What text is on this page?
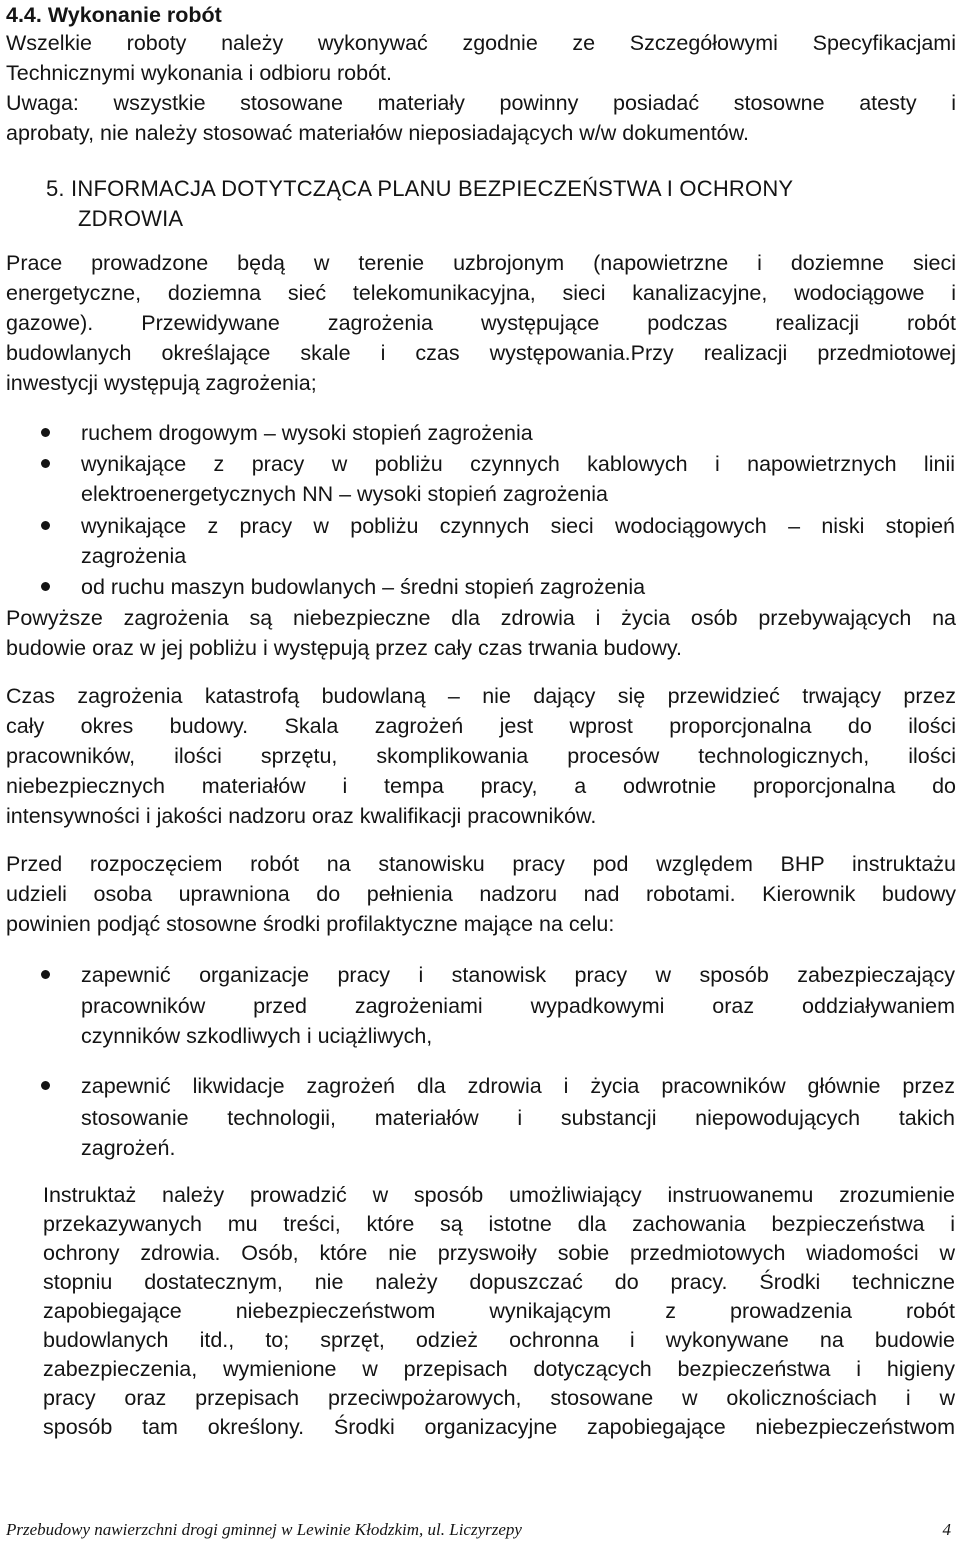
4.4. Wykonanie robót
Wszelkie roboty należy wykonywać zgodnie ze Szczegółowymi Specyfikacjami
Technicznymi wykonania i odbioru robót.
Uwaga: wszystkie stosowane materiały powinny posiadać stosowne atesty i
aprobaty, nie należy stosować materiałów nieposiadających w/w dokumentów.
5. INFORMACJA DOTYTCZĄCA PLANU BEZPIECZEŃSTWA I OCHRONY
ZDROWIA
Prace prowadzone będą w terenie uzbrojonym (napowietrzne i doziemne sieci
energetyczne, doziemna sieć telekomunikacyjna, sieci kanalizacyjne, wodociągowe i
gazowe). Przewidywane zagrożenia występujące podczas realizacji robót
budowlanych określające skale i czas występowania.Przy realizacji przedmiotowej
inwestycji występują zagrożenia;
ruchem drogowym – wysoki stopień zagrożenia
wynikające z pracy w pobliżu czynnych kablowych i napowietrznych linii
elektroenergetycznych NN – wysoki stopień zagrożenia
wynikające z pracy w pobliżu czynnych sieci wodociągowych – niski stopień
zagrożenia
od ruchu maszyn budowlanych – średni stopień zagrożenia
Powyższe zagrożenia są niebezpieczne dla zdrowia i życia osób przebywających na
budowie oraz w jej pobliżu i występują przez cały czas trwania budowy.
Czas zagrożenia katastrofą budowlaną – nie dający się przewidzieć trwający przez
cały okres budowy. Skala zagrożeń jest wprost proporcjonalna do ilości
pracowników, ilości sprzętu, skomplikowania procesów technologicznych, ilości
niebezpiecznych materiałów i tempa pracy, a odwrotnie proporcjonalna do
intensywności i jakości nadzoru oraz kwalifikacji pracowników.
Przed rozpoczęciem robót na stanowisku pracy pod względem BHP instruktażu
udzieli osoba uprawniona do pełnienia nadzoru nad robotami. Kierownik budowy
powinien podjąć stosowne środki profilaktyczne mające na celu:
zapewnić organizacje pracy i stanowisk pracy w sposób zabezpieczający
pracowników przed zagrożeniami wypadkowymi oraz oddziaływaniem
czynników szkodliwych i uciążliwych,
zapewnić likwidacje zagrożeń dla zdrowia i życia pracowników głównie przez
stosowanie technologii, materiałów i substancji niepowodujących takich
zagrożeń.
Instruktaż należy prowadzić w sposób umożliwiający instruowanemu zrozumienie
przekazywanych mu treści, które są istotne dla zachowania bezpieczeństwa i
ochrony zdrowia. Osób, które nie przyswoiły sobie przedmiotowych wiadomości w
stopniu dostatecznym, nie należy dopuszczać do pracy. Środki techniczne
zapobiegające niebezpieczeństwom wynikającym z prowadzenia robót
budowlanych itd., to; sprzęt, odzież ochronna i wykonywane na budowie
zabezpieczenia, wymienione w przepisach dotyczących bezpieczeństwa i higieny
pracy oraz przepisach przeciwpożarowych, stosowane w okolicznościach i w
sposób tam określony. Środki organizacyjne zapobiegające niebezpieczeństwom
Przebudowy nawierzchni drogi gminnej w Lewinie Kłodzkim, ul. Liczyrzepy	4
